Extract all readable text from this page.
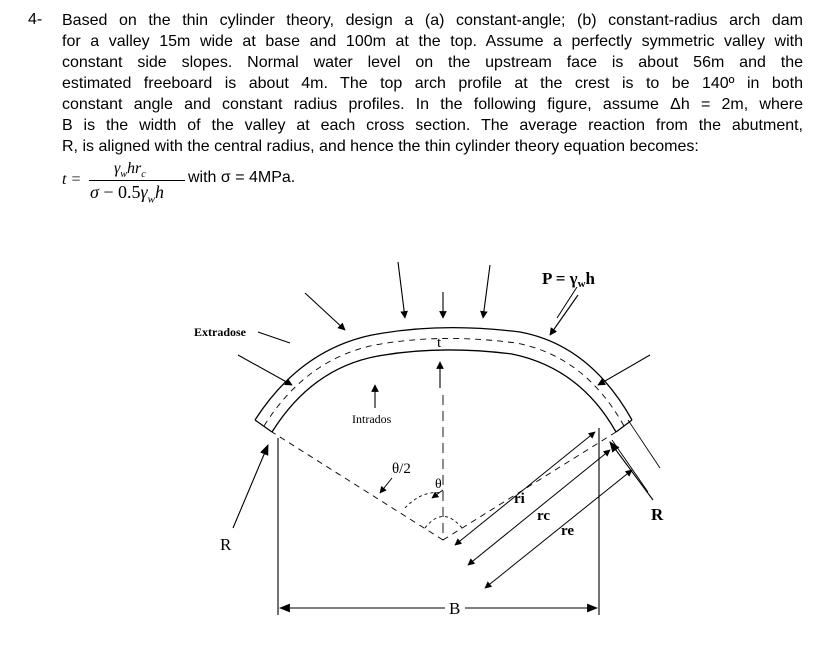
4- Based on the thin cylinder theory, design a (a) constant-angle; (b) constant-radius arch dam
for a valley 15m wide at base and 100m at the top. Assume a perfectly symmetric valley with
constant side slopes. Normal water level on the upstream face is about 56m and the
estimated freeboard is about 4m. The top arch profile at the crest is to be 140º in both
constant angle and constant radius profiles. In the following figure, assume Δh = 2m, where
B is the width of the valley at each cross section. The average reaction from the abutment,
R, is aligned with the central radius, and hence the thin cylinder theory equation becomes:
t =
$\gamma_whr_c$
$\sigma - 0.5\gamma_wh$
with σ = 4MPa.
P = γwh
Extradose
Intrados
θ/2
θ
t
ri
rc
re
R
R
B
